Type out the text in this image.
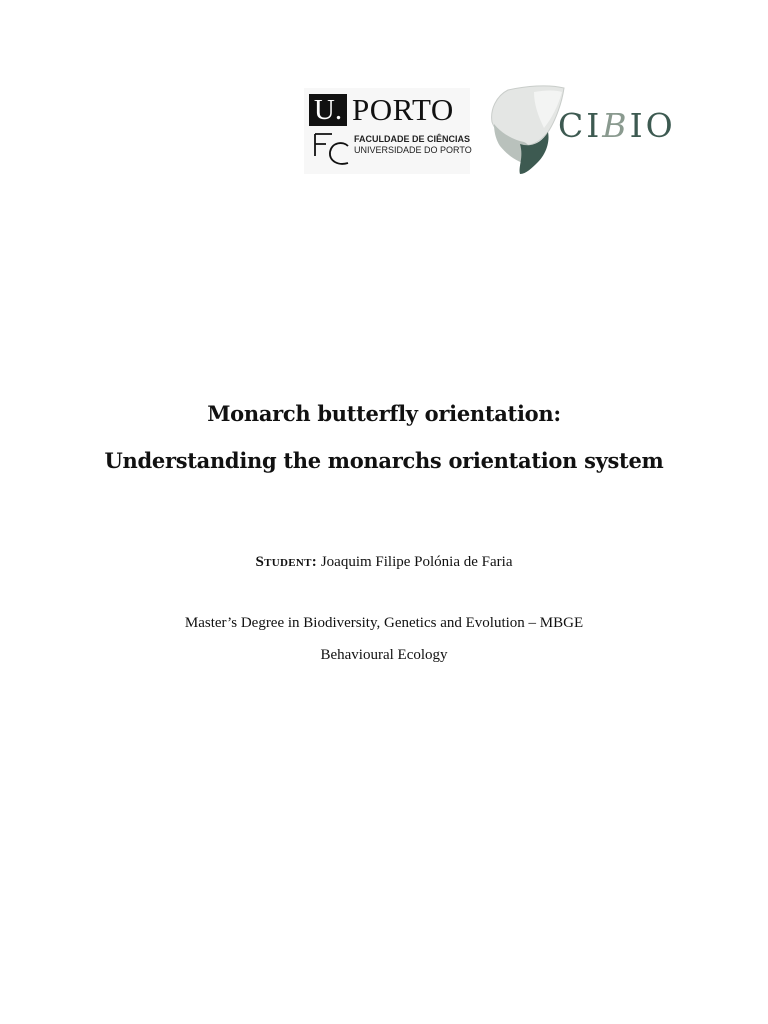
U. PORTO
FACULDADE DE CIÊNCIAS
UNIVERSIDADE DO PORTO
CIBIO
Monarch butterfly orientation:
Understanding the monarchs orientation system
Student: Joaquim Filipe Polónia de Faria
Master’s Degree in Biodiversity, Genetics and Evolution – MBGE
Behavioural Ecology
